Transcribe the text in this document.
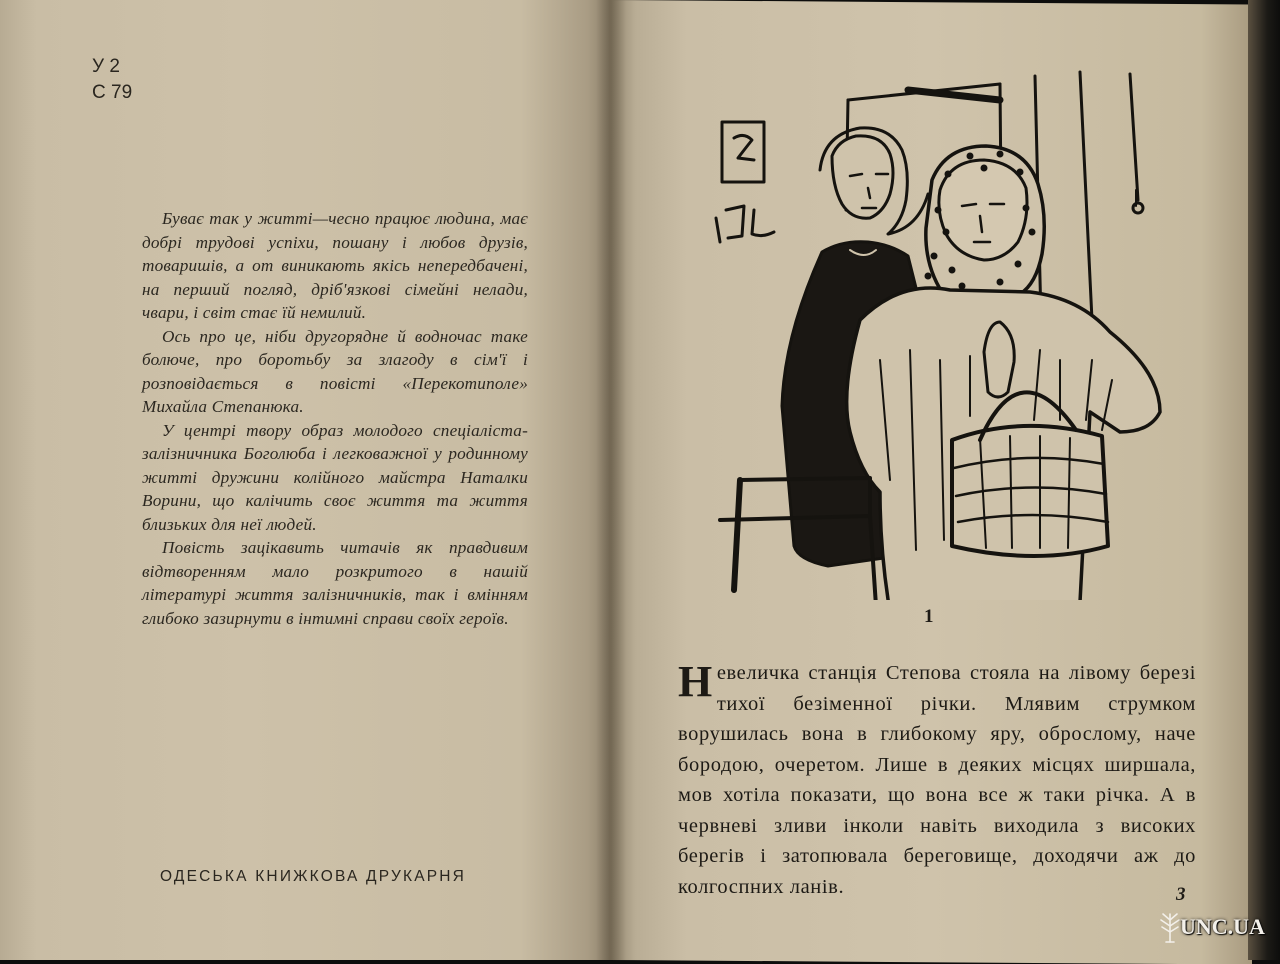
У 2
С 79

Буває так у житті—чесно працює людина, має добрі трудові успіхи, пошану і любов друзів, товаришів, а от виникають якісь непередбачені, на перший погляд, дріб'язкові сімейні нелади, чвари, і світ стає їй немилий.

Ось про це, ніби другорядне й водночас таке болюче, про боротьбу за злагоду в сім'ї і розповідається в повісті «Перекотиполе» Михайла Степанюка.

У центрі твору образ молодого спеціаліста-залізничника Боголюба і легковажної у родинному житті дружини колійного майстра Наталки Ворини, що калічить своє життя та життя близьких для неї людей.

Повість зацікавить читачів як правдивим відтворенням мало розкритого в нашій літературі життя залізничників, так і вмінням глибоко зазирнути в інтимні справи своїх героїв.

ОДЕСЬКА КНИЖКОВА ДРУКАРНЯ
1

Невеличка станція Степова стояла на лівому березі тихої безіменної річки. Млявим струмком ворушилась вона в глибокому яру, оброслому, наче бородою, очеретом. Лише в деяких місцях ширшала, мов хотіла показати, що вона все ж таки річка. А в червневі зливи інколи навіть виходила з високих берегів і затопювала береговище, доходячи аж до колгоспних ланів.	3
UNC.UA
